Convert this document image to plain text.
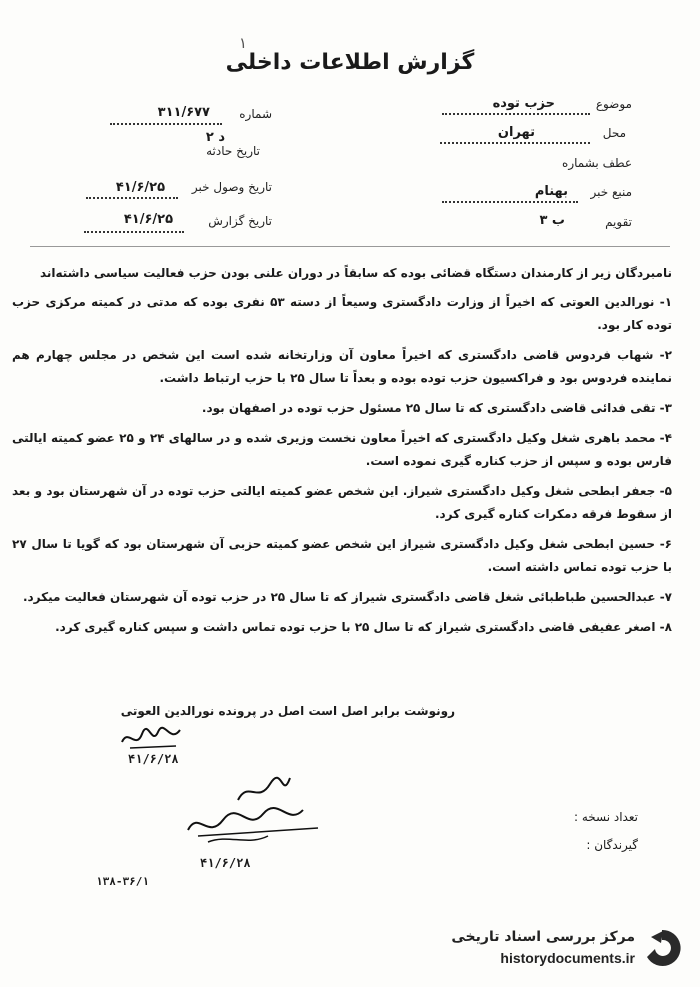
۱
گزارش اطلاعات داخلی
موضوع
حزب توده
محل
تهران
عطف بشماره
منبع خبر
بهنام
تقویم
ب ۳
شماره
۳۱۱/۶۷۷
تاریخ حادثه
د ۲
تاریخ وصول خبر
۴۱/۶/۲۵
تاریخ گزارش
۴۱/۶/۲۵

نامبردگان زیر از کارمندان دستگاه قضائی بوده که سابقاً در دوران علنی بودن حزب فعالیت سیاسی داشته‌اند

۱- نورالدین العوتی که اخیراً از وزارت دادگستری وسیعاً از دسته ۵۳ نفری بوده که مدتی در کمیته مرکزی حزب توده کار بود.

۲- شهاب فردوس قاضی دادگستری که اخیراً معاون آن وزارتخانه شده است این شخص در مجلس چهارم هم نماینده فردوس بود و فراکسیون حزب توده بوده و بعداً تا سال ۲۵ با حزب ارتباط داشت.

۳- تقی فدائی قاضی دادگستری که تا سال ۲۵ مسئول حزب توده در اصفهان بود.

۴- محمد باهری شغل وکیل دادگستری که اخیراً معاون نخست وزیری شده و در سالهای ۲۴ و ۲۵ عضو کمیته ایالتی فارس بوده و سپس از حزب کناره گیری نموده است.

۵- جعفر ابطحی شغل وکیل دادگستری شیراز. این شخص عضو کمیته ایالتی حزب توده در آن شهرستان بود و بعد از سقوط فرقه دمکرات کناره گیری کرد.

۶- حسین ابطحی شغل وکیل دادگستری شیراز این شخص عضو کمیته حزبی آن شهرستان بود که گویا تا سال ۲۷ با حزب توده تماس داشته است.

۷- عبدالحسین طباطبائی شغل قاضی دادگستری شیراز که تا سال ۲۵ در حزب توده آن شهرستان فعالیت میکرد.

۸- اصغر عفیفی قاضی دادگستری شیراز که تا سال ۲۵ با حزب توده تماس داشت و سپس کناره گیری کرد.

رونوشت برابر اصل است اصل در پرونده نورالدین العوتی
۴۱/۶/۲۸
۴۱/۶/۲۸
تعداد نسخه :
گیرندگان :
۱۳۸-۳۶/۱
مرکز بررسی اسناد تاریخی
historydocuments.ir
